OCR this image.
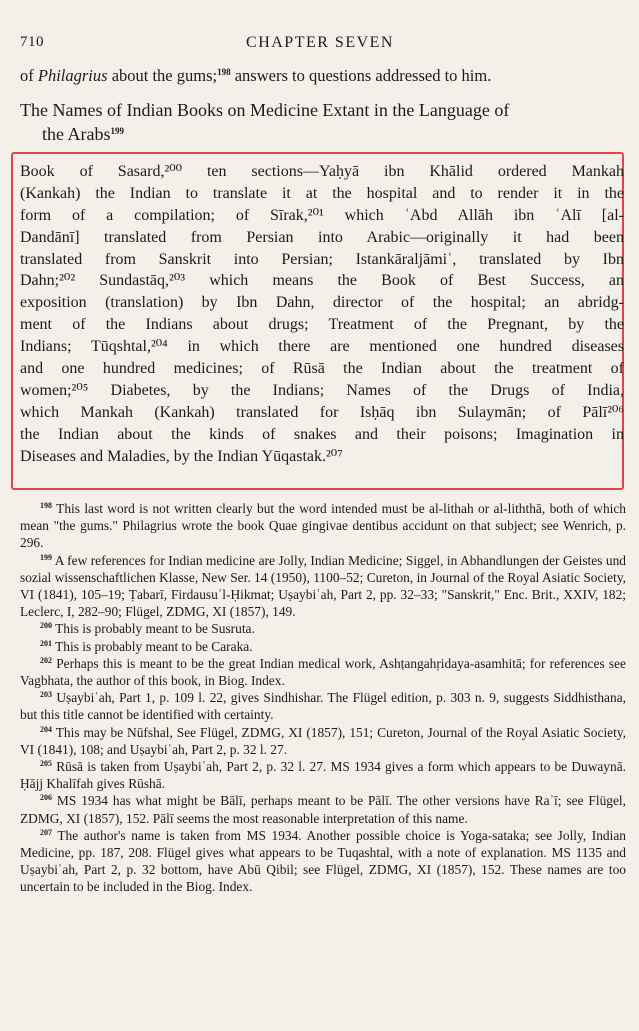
710	CHAPTER SEVEN
of Philagrius about the gums;$^{198}$ answers to questions addressed to him.
The Names of Indian Books on Medicine Extant in the Language of
the Arabs$^{199}$
Book of Sasard,²⁰⁰ ten sections—Yaḥyā ibn Khālid ordered Mankah
(Kankah) the Indian to translate it at the hospital and to render it in the
form of a compilation; of Sīrak,²⁰¹ which ʿAbd Allāh ibn ʿAlī [al-
Dandānī] translated from Persian into Arabic—originally it had been
translated from Sanskrit into Persian; Istankāraljāmiʿ, translated by Ibn
Dahn;²⁰² Sundastāq,²⁰³ which means the Book of Best Success, an
exposition (translation) by Ibn Dahn, director of the hospital; an abridg-
ment of the Indians about drugs; Treatment of the Pregnant, by the
Indians; Tūqshtal,²⁰⁴ in which there are mentioned one hundred diseases
and one hundred medicines; of Rūsā the Indian about the treatment of
women;²⁰⁵ Diabetes, by the Indians; Names of the Drugs of India,
which Mankah (Kankah) translated for Isḥāq ibn Sulaymān; of Pālī²⁰⁶
the Indian about the kinds of snakes and their poisons; Imagination in
Diseases and Maladies, by the Indian Yūqastak.²⁰⁷

$^{198}$ This last word is not written clearly but the word intended must be al-lithah or al-liththā, both of which mean "the gums." Philagrius wrote the book Quae gingivae dentibus accidunt on that subject; see Wenrich, p. 296.

$^{199}$ A few references for Indian medicine are Jolly, Indian Medicine; Siggel, in Abhandlungen der Geistes und sozial wissenschaftlichen Klasse, New Ser. 14 (1950), 1100–52; Cureton, in Journal of the Royal Asiatic Society, VI (1841), 105–19; Ṭabarī, Firdausuʾl-Ḥikmat; Uṣaybiʿah, Part 2, pp. 32–33; "Sanskrit," Enc. Brit., XXIV, 182; Leclerc, I, 282–90; Flügel, ZDMG, XI (1857), 149.

$^{200}$ This is probably meant to be Susruta.

$^{201}$ This is probably meant to be Caraka.

$^{202}$ Perhaps this is meant to be the great Indian medical work, Ashṭangahṛidaya-asamhitā; for references see Vagbhata, the author of this book, in Biog. Index.

$^{203}$ Uṣaybiʿah, Part 1, p. 109 l. 22, gives Sindhishar. The Flügel edition, p. 303 n. 9, suggests Siddhisthana, but this title cannot be identified with certainty.

$^{204}$ This may be Nūfshal, See Flügel, ZDMG, XI (1857), 151; Cureton, Journal of the Royal Asiatic Society, VI (1841), 108; and Uṣaybiʿah, Part 2, p. 32 l. 27.

$^{205}$ Rūsā is taken from Uṣaybiʿah, Part 2, p. 32 l. 27. MS 1934 gives a form which appears to be Duwaynā. Ḥājj Khalīfah gives Rūshā.

$^{206}$ MS 1934 has what might be Bālī, perhaps meant to be Pālī. The other versions have Raʾī; see Flügel, ZDMG, XI (1857), 152. Pālī seems the most reasonable interpretation of this name.

$^{207}$ The author's name is taken from MS 1934. Another possible choice is Yoga-sataka; see Jolly, Indian Medicine, pp. 187, 208. Flügel gives what appears to be Tuqashtal, with a note of explanation. MS 1135 and Uṣaybiʿah, Part 2, p. 32 bottom, have Abū Qibil; see Flügel, ZDMG, XI (1857), 152. These names are too uncertain to be included in the Biog. Index.
